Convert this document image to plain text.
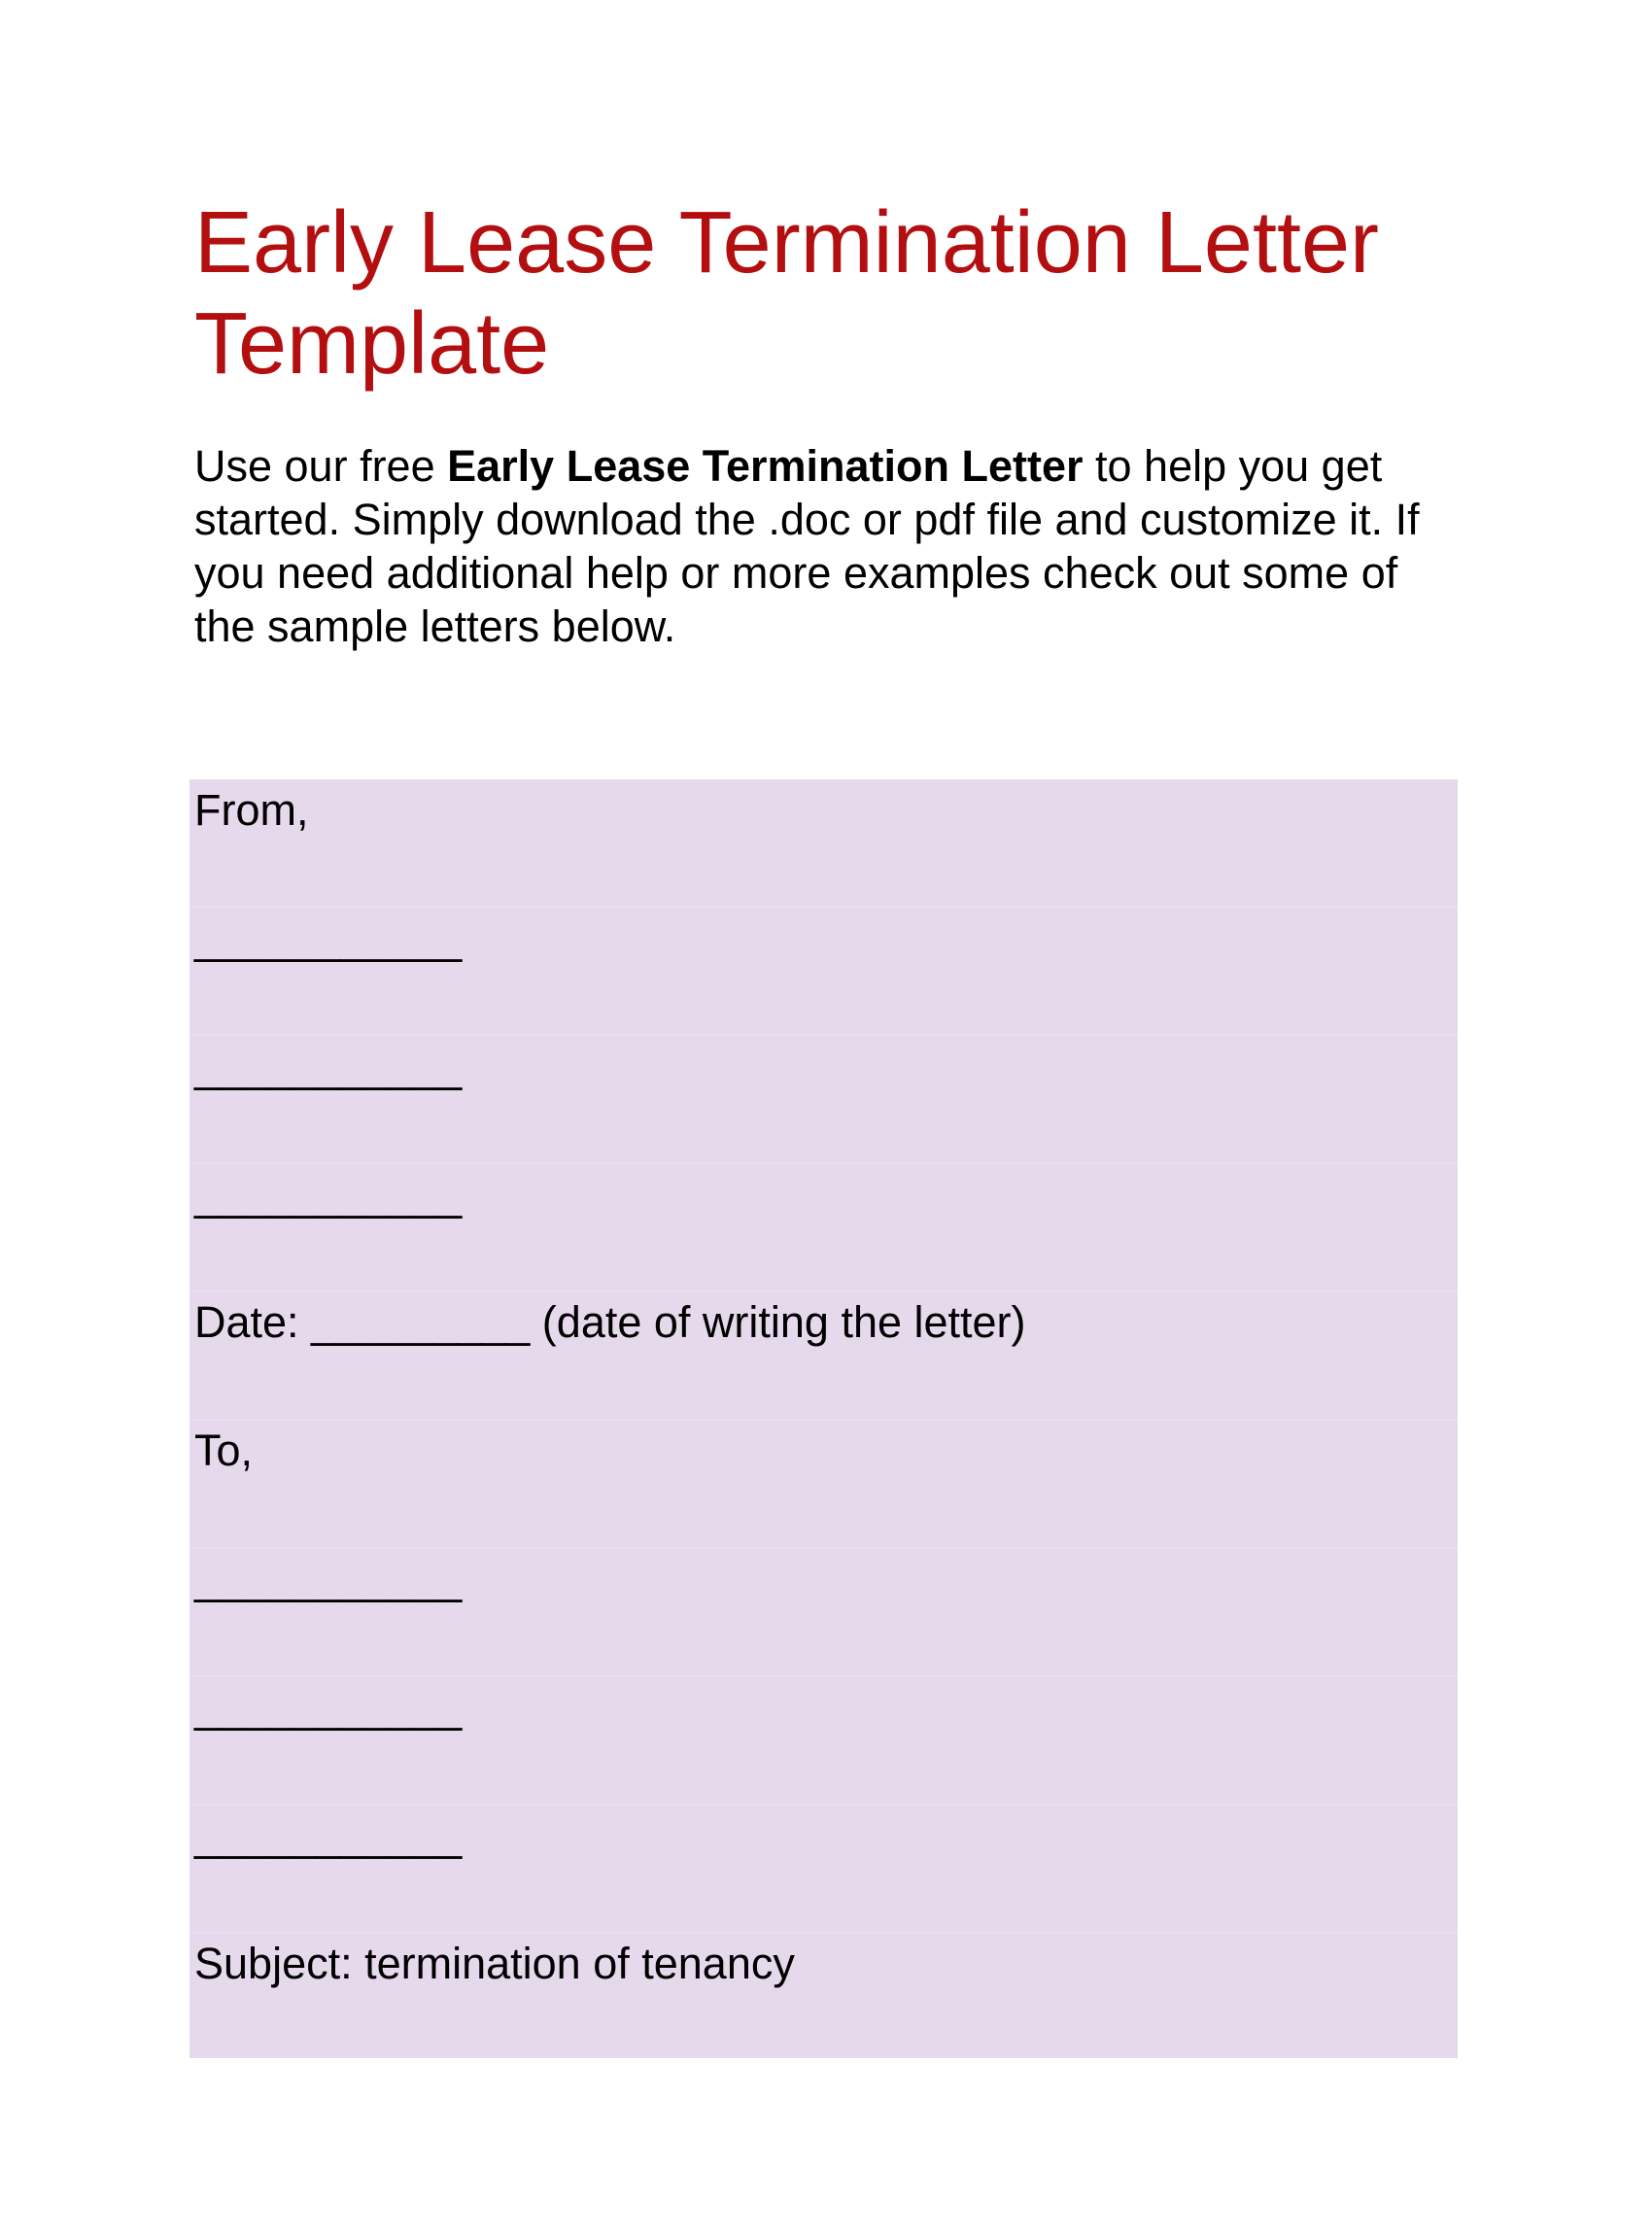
Early Lease Termination Letter Template

Use our free Early Lease Termination Letter to help you get started. Simply download the .doc or pdf file and customize it. If you need additional help or more examples check out some of the sample letters below.

From,

___________

___________

___________

Date: _________ (date of writing the letter)

To,

___________

___________

___________

Subject: termination of tenancy
